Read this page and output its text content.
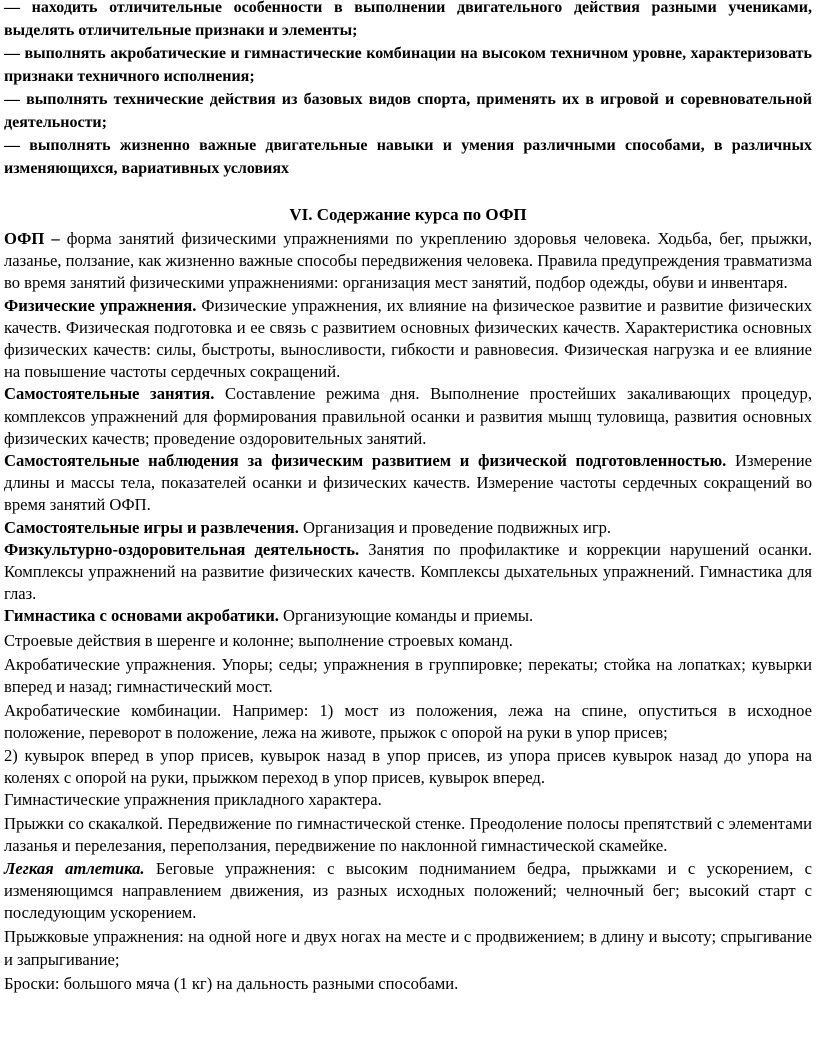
— находить отличительные особенности в выполнении двигательного действия разными учениками, выделять отличительные признаки и элементы;
— выполнять акробатические и гимнастические комбинации на высоком техничном уровне, характеризовать признаки техничного исполнения;
— выполнять технические действия из базовых видов спорта, применять их в игровой и соревновательной деятельности;
— выполнять жизненно важные двигательные навыки и умения различными способами, в различных изменяющихся, вариативных условиях
VI. Содержание курса по ОФП

ОФП – форма занятий физическими упражнениями по укреплению здоровья человека. Ходьба, бег, прыжки, лазанье, ползание, как жизненно важные способы передвижения человека. Правила предупреждения травматизма во время занятий физическими упражнениями: организация мест занятий, подбор одежды, обуви и инвентаря.

Физические упражнения. Физические упражнения, их влияние на физическое развитие и развитие физических качеств. Физическая подготовка и ее связь с развитием основных физических качеств. Характеристика основных физических качеств: силы, быстроты, выносливости, гибкости и равновесия. Физическая нагрузка и ее влияние на повышение частоты сердечных сокращений.

Самостоятельные занятия. Составление режима дня. Выполнение простейших закаливающих процедур, комплексов упражнений для формирования правильной осанки и развития мышц туловища, развития основных физических качеств; проведение оздоровительных занятий.

Самостоятельные наблюдения за физическим развитием и физической подготовленностью. Измерение длины и массы тела, показателей осанки и физических качеств. Измерение частоты сердечных сокращений во время занятий ОФП.

Самостоятельные игры и развлечения. Организация и проведение подвижных игр.

Физкультурно-оздоровительная деятельность. Занятия по профилактике и коррекции нарушений осанки. Комплексы упражнений на развитие физических качеств. Комплексы дыхательных упражнений. Гимнастика для глаз.

Гимнастика с основами акробатики. Организующие команды и приемы.

Строевые действия в шеренге и колонне; выполнение строевых команд.

Акробатические упражнения. Упоры; седы; упражнения в группировке; перекаты; стойка на лопатках; кувырки вперед и назад; гимнастический мост.

Акробатические комбинации. Например: 1) мост из положения, лежа на спине, опуститься в исходное положение, переворот в положение, лежа на животе, прыжок с опорой на руки в упор присев;

2) кувырок вперед в упор присев, кувырок назад в упор присев, из упора присев кувырок назад до упора на коленях с опорой на руки, прыжком переход в упор присев, кувырок вперед.

Гимнастические упражнения прикладного характера.

Прыжки со скакалкой. Передвижение по гимнастической стенке. Преодоление полосы препятствий с элементами лазанья и перелезания, переползания, передвижение по наклонной гимнастической скамейке.

Легкая атлетика. Беговые упражнения: с высоким подниманием бедра, прыжками и с ускорением, с изменяющимся направлением движения, из разных исходных положений; челночный бег; высокий старт с последующим ускорением.

Прыжковые упражнения: на одной ноге и двух ногах на месте и с продвижением; в длину и высоту; спрыгивание и запрыгивание;

Броски: большого мяча (1 кг) на дальность разными способами.
